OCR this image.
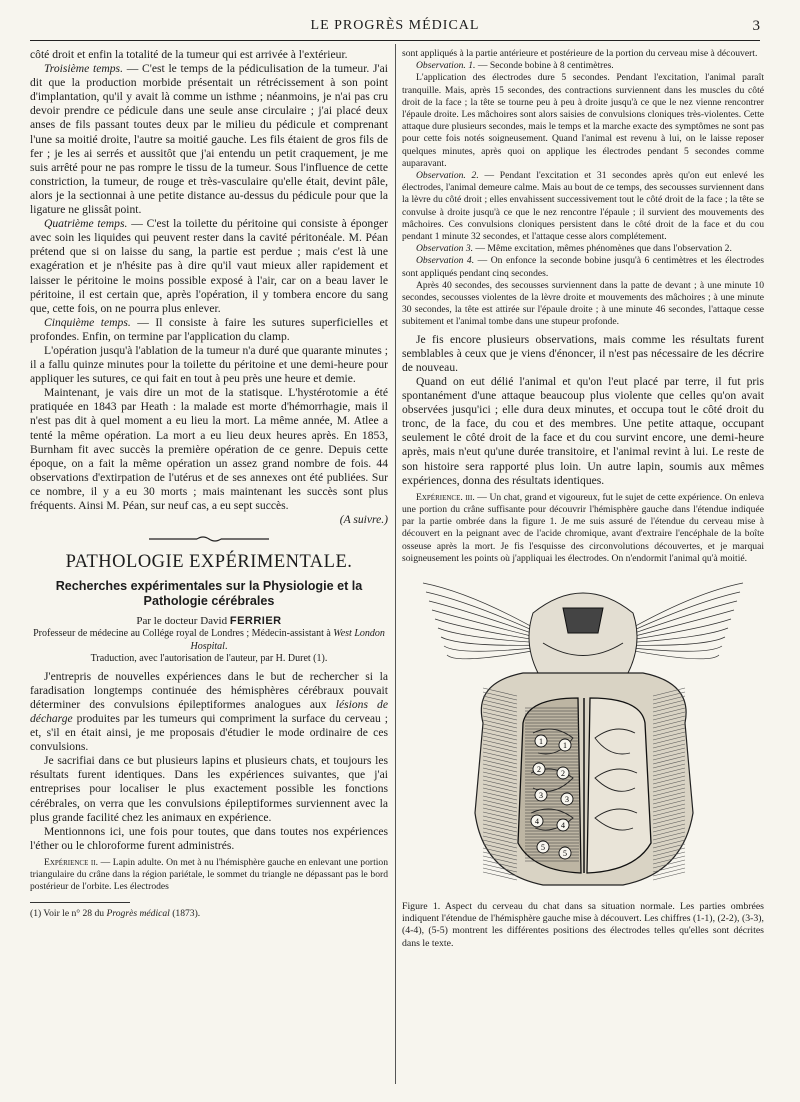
LE PROGRÈS MÉDICAL	3

côté droit et enfin la totalité de la tumeur qui est arrivée à l'extérieur.

Troisième temps. — C'est le temps de la pédiculisation de la tumeur. J'ai dit que la production morbide présentait un rétrécissement à son point d'implantation, qu'il y avait là comme un isthme ; néanmoins, je n'ai pas cru devoir prendre ce pédicule dans une seule anse circulaire ; j'ai placé deux anses de fils passant toutes deux par le milieu du pédicule et comprenant l'une sa moitié droite, l'autre sa moitié gauche. Les fils étaient de gros fils de fer ; je les ai serrés et aussitôt que j'ai entendu un petit craquement, je me suis arrêté pour ne pas rompre le tissu de la tumeur. Sous l'influence de cette constriction, la tumeur, de rouge et très-vasculaire qu'elle était, devint pâle, alors je la sectionnai à une petite distance au-dessus du pédicule pour que la ligature ne glissât point.

Quatrième temps. — C'est la toilette du péritoine qui consiste à éponger avec soin les liquides qui peuvent rester dans la cavité péritonéale. M. Péan prétend que si on laisse du sang, la partie est perdue ; mais c'est là une exagération et je n'hésite pas à dire qu'il vaut mieux aller rapidement et laisser le péritoine le moins possible exposé à l'air, car on a beau laver le péritoine, il est certain que, après l'opération, il y tombera encore du sang que, cette fois, on ne pourra plus enlever.

Cinquième temps. — Il consiste à faire les sutures superficielles et profondes. Enfin, on termine par l'application du clamp.

L'opération jusqu'à l'ablation de la tumeur n'a duré que quarante minutes ; il a fallu quinze minutes pour la toilette du péritoine et une demi-heure pour appliquer les sutures, ce qui fait en tout à peu près une heure et demie.

Maintenant, je vais dire un mot de la statisque. L'hystérotomie a été pratiquée en 1843 par Heath : la malade est morte d'hémorrhagie, mais il n'est pas dit à quel moment a eu lieu la mort. La même année, M. Atlee a tenté la même opération. La mort a eu lieu deux heures après. En 1853, Burnham fit avec succès la première opération de ce genre. Depuis cette époque, on a fait la même opération un assez grand nombre de fois. 44 observations d'extirpation de l'utérus et de ses annexes ont été publiées. Sur ce nombre, il y a eu 30 morts ; mais maintenant les succès sont plus fréquents. Ainsi M. Péan, sur neuf cas, a eu sept succès.

(A suivre.)

PATHOLOGIE EXPÉRIMENTALE.
Recherches expérimentales sur la Physiologie et la Pathologie cérébrales
Par le docteur David FERRIER
Professeur de médecine au Collége royal de Londres ; Médecin-assistant à West London Hospital.
Traduction, avec l'autorisation de l'auteur, par H. Duret (1).

J'entrepris de nouvelles expériences dans le but de rechercher si la faradisation longtemps continuée des hémisphères cérébraux pouvait déterminer des convulsions épileptiformes analogues aux lésions de décharge produites par les tumeurs qui compriment la surface du cerveau ; et, s'il en était ainsi, je me proposais d'étudier le mode ordinaire de ces convulsions.

Je sacrifiai dans ce but plusieurs lapins et plusieurs chats, et toujours les résultats furent identiques. Dans les expériences suivantes, que j'ai entreprises pour localiser le plus exactement possible les fonctions cérébrales, on verra que les convulsions épileptiformes surviennent avec la plus grande facilité chez les animaux en expérience.

Mentionnons ici, une fois pour toutes, que dans toutes nos expériences l'éther ou le chloroforme furent administrés.

Expérience ii. — Lapin adulte. On met à nu l'hémisphère gauche en enlevant une portion triangulaire du crâne dans la région pariétale, le sommet du triangle ne dépassant pas le bord postérieur de l'orbite. Les électrodes

(1) Voir le n° 28 du Progrès médical (1873).

sont appliqués à la partie antérieure et postérieure de la portion du cerveau mise à découvert.

Observation. 1. — Seconde bobine à 8 centimètres.

L'application des électrodes dure 5 secondes. Pendant l'excitation, l'animal paraît tranquille. Mais, après 15 secondes, des contractions surviennent dans les muscles du côté droit de la face ; la tête se tourne peu à peu à droite jusqu'à ce que le nez vienne rencontrer l'épaule droite. Les mâchoires sont alors saisies de convulsions cloniques très-violentes. Cette attaque dure plusieurs secondes, mais le temps et la marche exacte des symptômes ne sont pas pour cette fois notés soigneusement. Quand l'animal est revenu à lui, on le laisse reposer quelques minutes, après quoi on applique les électrodes pendant 5 secondes comme auparavant.

Observation. 2. — Pendant l'excitation et 31 secondes après qu'on eut enlevé les électrodes, l'animal demeure calme. Mais au bout de ce temps, des secousses surviennent dans la lèvre du côté droit ; elles envahissent successivement tout le côté droit de la face ; la tête se convulse à droite jusqu'à ce que le nez rencontre l'épaule ; il survient des mouvements des mâchoires. Ces convulsions cloniques persistent dans le côté droit de la face et du cou pendant 1 minute 32 secondes, et l'attaque cesse alors complétement.

Observation 3. — Même excitation, mêmes phénomènes que dans l'observation 2.

Observation 4. — On enfonce la seconde bobine jusqu'à 6 centimètres et les électrodes sont appliqués pendant cinq secondes.

Après 40 secondes, des secousses surviennent dans la patte de devant ; à une minute 10 secondes, secousses violentes de la lèvre droite et mouvements des mâchoires ; à une minute 30 secondes, la tête est attirée sur l'épaule droite ; à une minute 46 secondes, l'attaque cesse subitement et l'animal tombe dans une stupeur profonde.

Je fis encore plusieurs observations, mais comme les résultats furent semblables à ceux que je viens d'énoncer, il n'est pas nécessaire de les décrire de nouveau.

Quand on eut délié l'animal et qu'on l'eut placé par terre, il fut pris spontanément d'une attaque beaucoup plus violente que celles qu'on avait observées jusqu'ici ; elle dura deux minutes, et occupa tout le côté droit du tronc, de la face, du cou et des membres. Une petite attaque, occupant seulement le côté droit de la face et du cou survint encore, une demi-heure après, mais n'eut qu'une durée transitoire, et l'animal revint à lui. Le reste de son histoire sera rapporté plus loin. Un autre lapin, soumis aux mêmes expériences, donna des résultats identiques.

Expérience. iii. — Un chat, grand et vigoureux, fut le sujet de cette expérience. On enleva une portion du crâne suffisante pour découvrir l'hémisphère gauche dans l'étendue indiquée par la partie ombrée dans la figure 1. Je me suis assuré de l'étendue du cerveau mise à découvert en la peignant avec de l'acide chromique, avant d'extraire l'encéphale de la boîte osseuse après la mort. Je fis l'esquisse des circonvolutions découvertes, et je marquai soigneusement les points où j'appliquai les électrodes. On n'endormit l'animal qu'à moitié.

1	1
2	2
3	3
4	4
5
5

Figure 1. Aspect du cerveau du chat dans sa situation normale. Les parties ombrées indiquent l'étendue de l'hémisphère gauche mise à découvert. Les chiffres (1-1), (2-2), (3-3), (4-4), (5-5) montrent les différentes positions des électrodes telles qu'elles sont décrites dans le texte.
